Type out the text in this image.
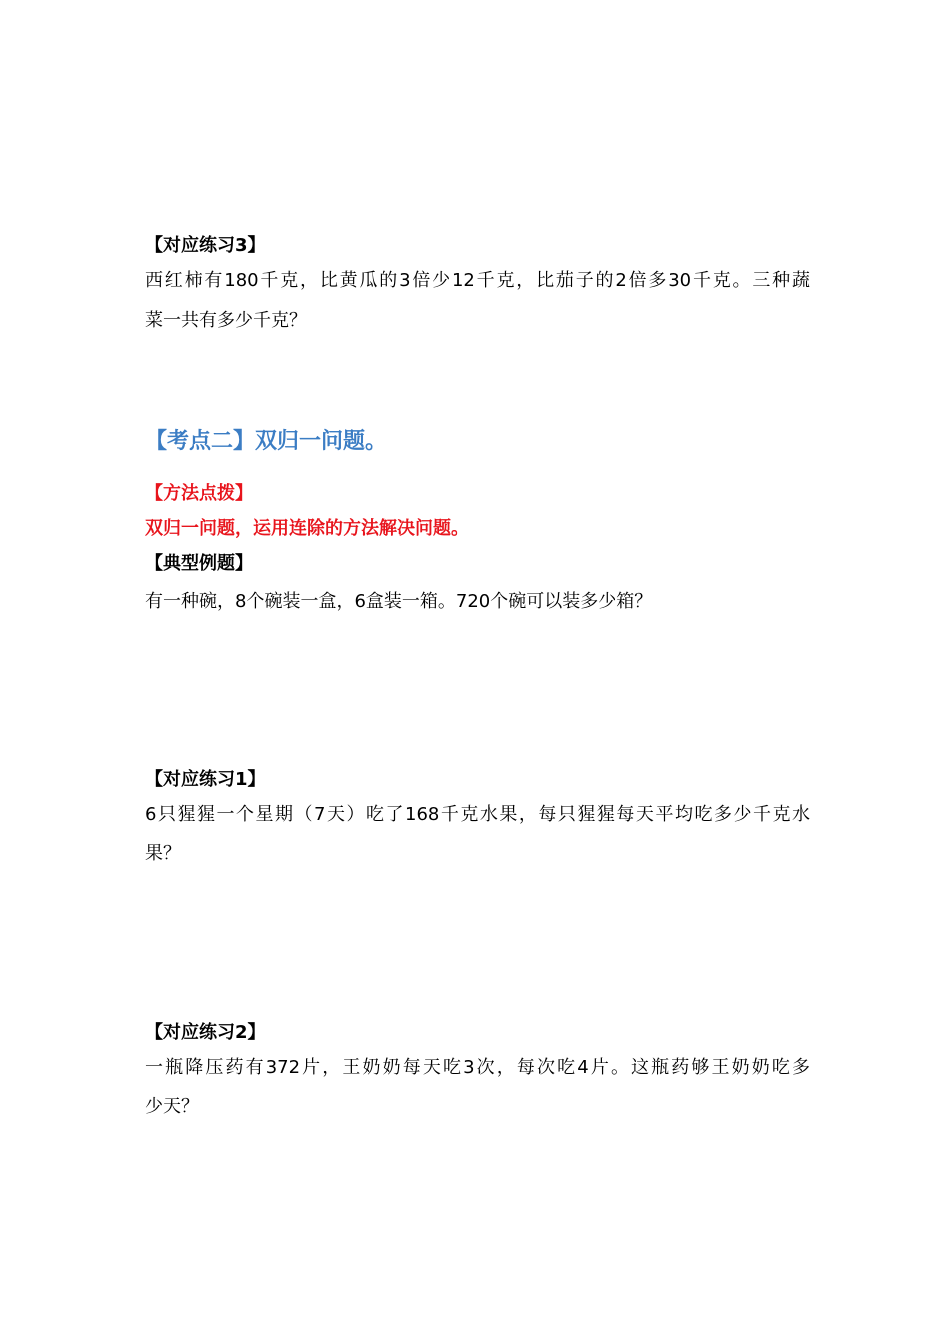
【对应练习3】
西红柿有180千克，比黄瓜的3倍少12千克，比茄子的2倍多30千克。三种蔬
菜一共有多少千克？
【考点二】双归一问题。
【方法点拨】
双归一问题，运用连除的方法解决问题。
【典型例题】
有一种碗，8个碗装一盒，6盒装一箱。720个碗可以装多少箱？
【对应练习1】
6只猩猩一个星期（7天）吃了168千克水果，每只猩猩每天平均吃多少千克水
果？
【对应练习2】
一瓶降压药有372片，王奶奶每天吃3次，每次吃4片。这瓶药够王奶奶吃多
少天？
